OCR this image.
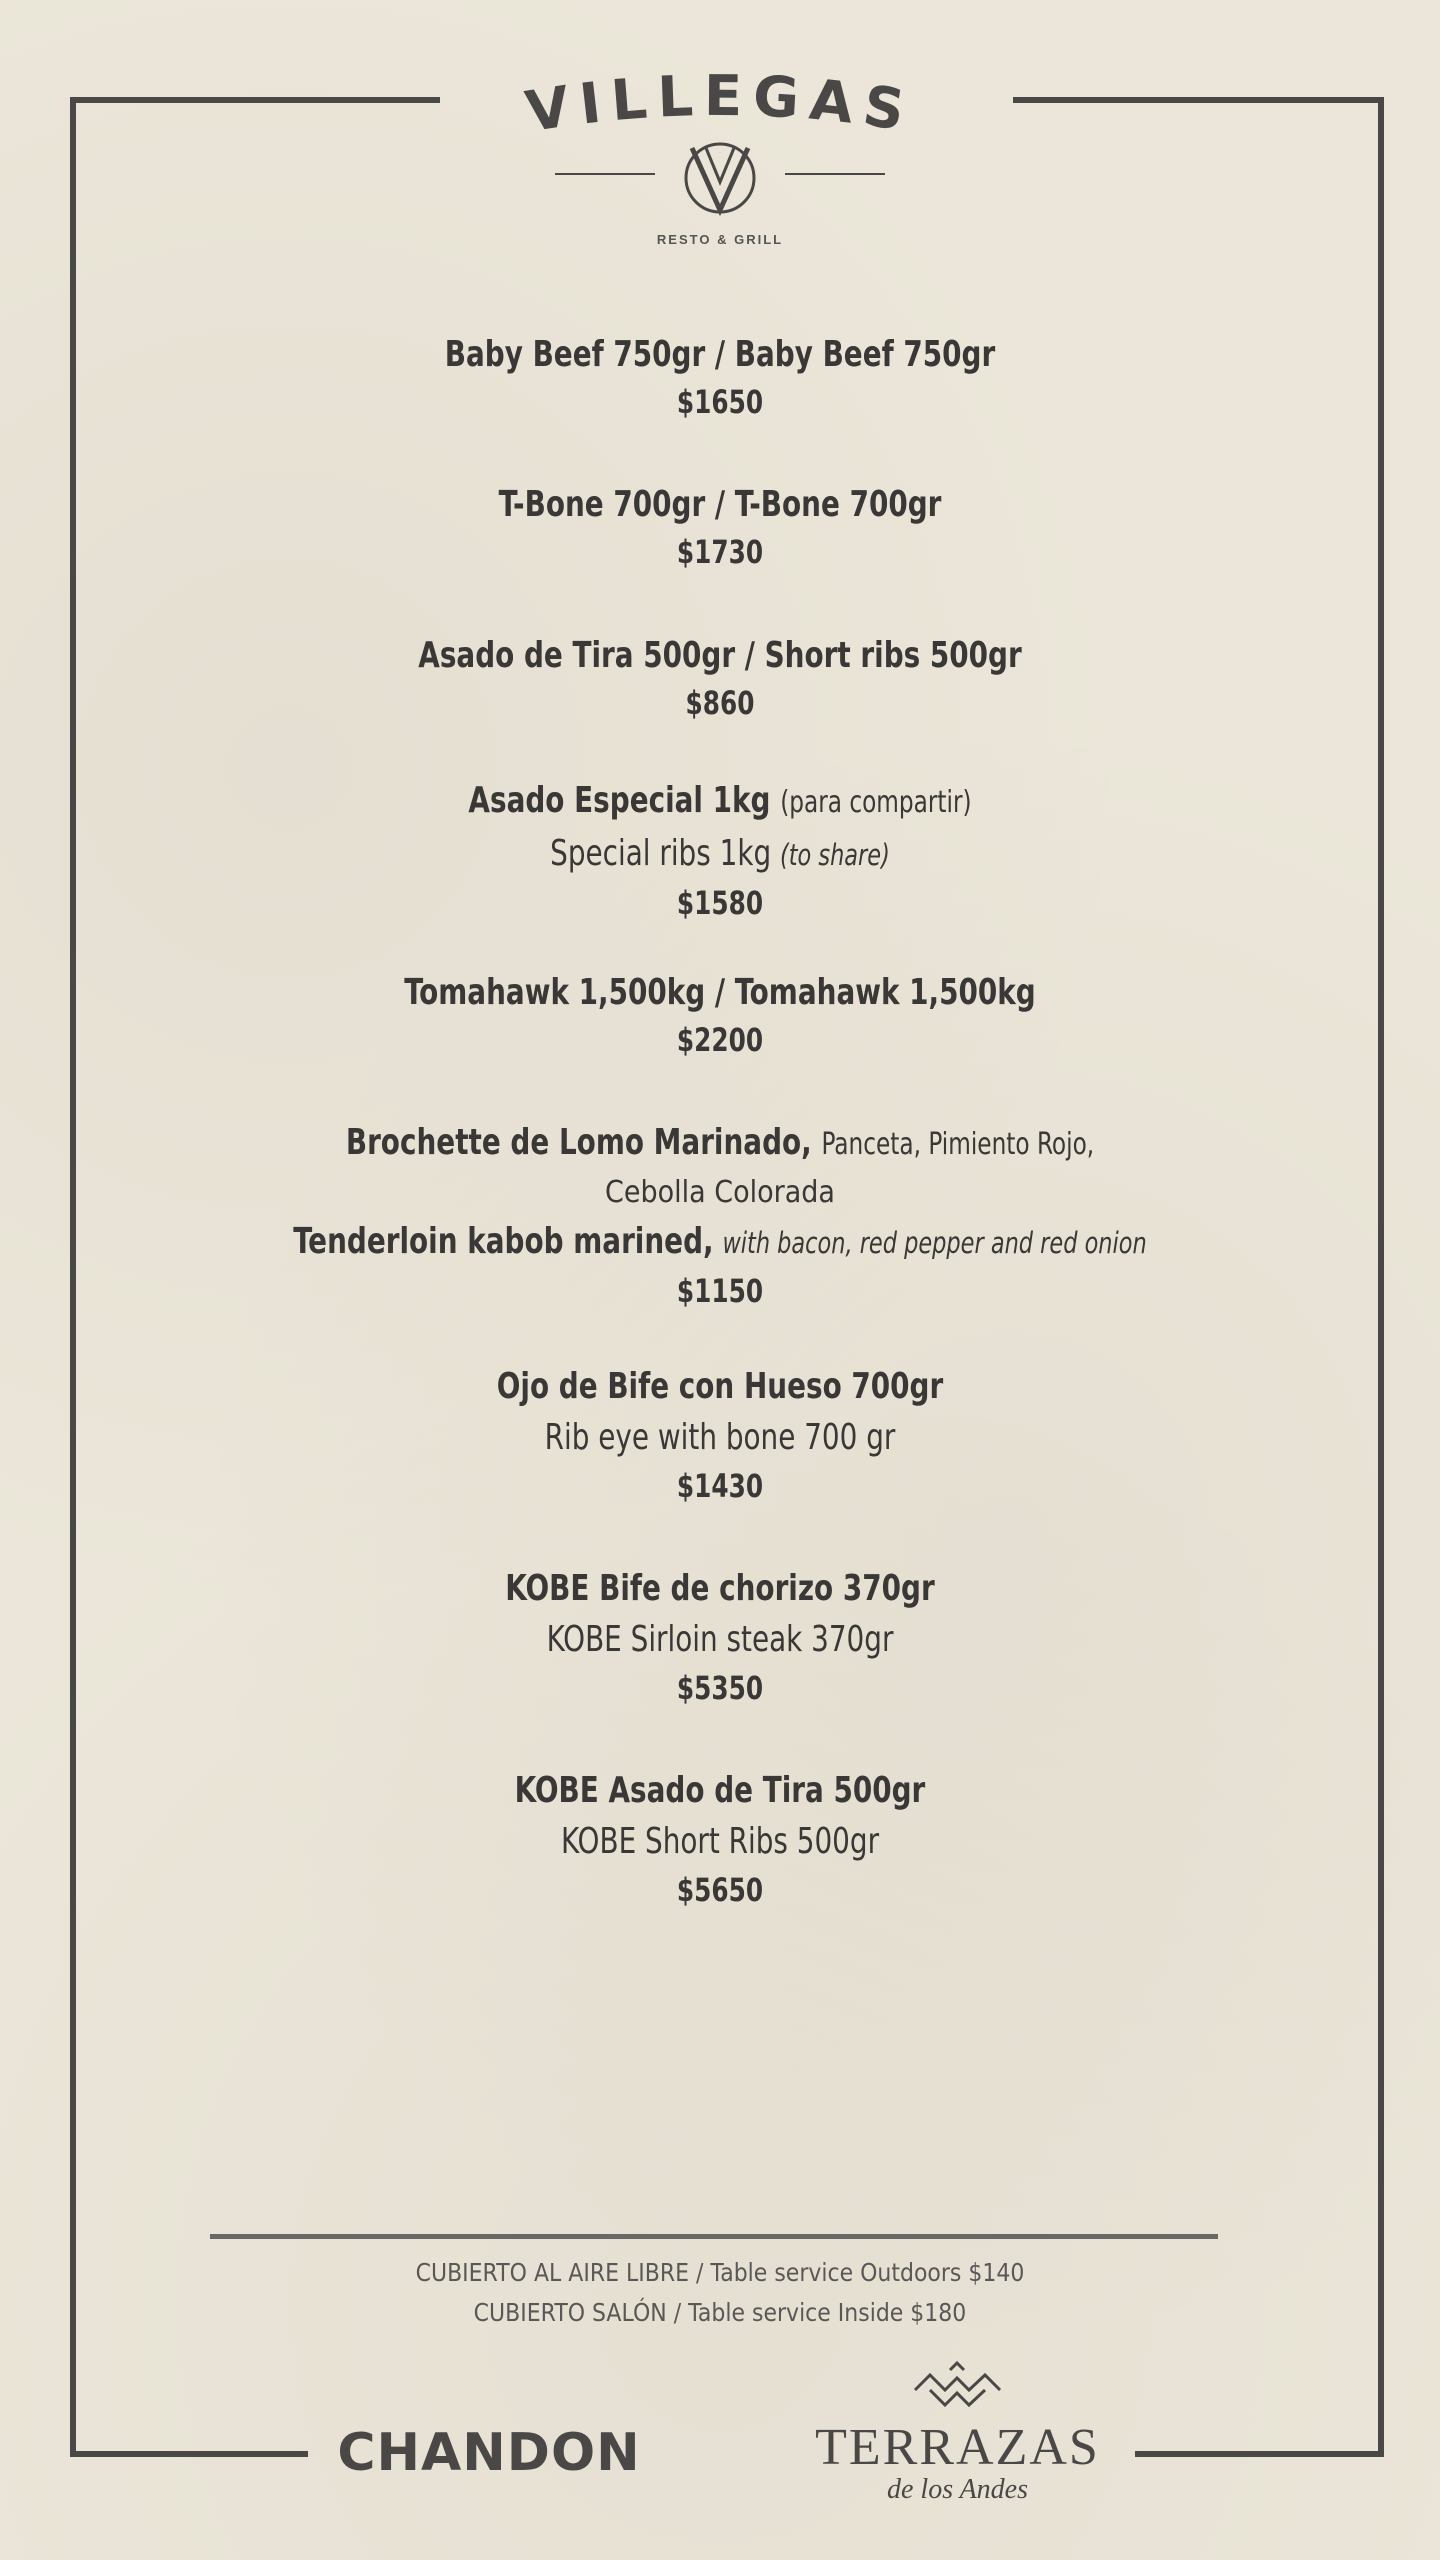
VILLEGAS
RESTO & GRILL
Baby Beef 750gr / Baby Beef 750gr
$1650
T-Bone 700gr / T-Bone 700gr
$1730
Asado de Tira 500gr / Short ribs 500gr
$860
Asado Especial 1kg (para compartir)
Special ribs 1kg (to share)
$1580
Tomahawk 1,500kg / Tomahawk 1,500kg
$2200
Brochette de Lomo Marinado, Panceta, Pimiento Rojo,
Cebolla Colorada
Tenderloin kabob marined, with bacon, red pepper and red onion
$1150
Ojo de Bife con Hueso 700gr
Rib eye with bone 700 gr
$1430
KOBE Bife de chorizo 370gr
KOBE Sirloin steak 370gr
$5350
KOBE Asado de Tira 500gr
KOBE Short Ribs 500gr
$5650
CUBIERTO AL AIRE LIBRE / Table service Outdoors $140
CUBIERTO SALÓN / Table service Inside $180
CHANDON	TERRAZAS
de los Andes
